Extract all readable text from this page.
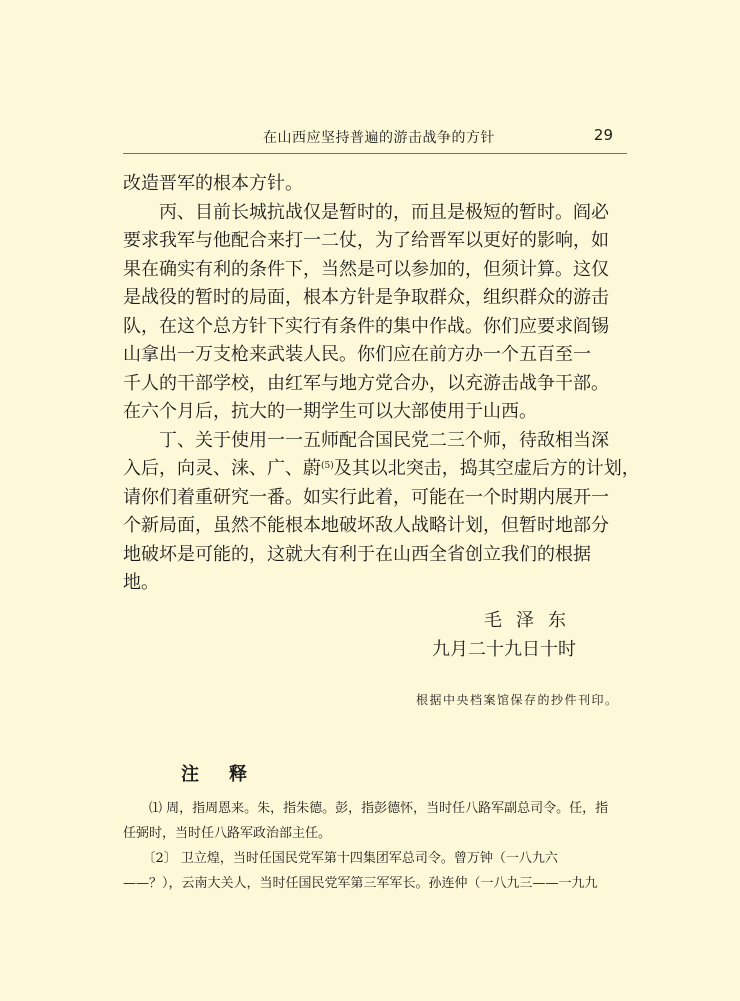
在山西应坚持普遍的游击战争的方针	29

改造晋军的根本方针。

　　丙、目前长城抗战仅是暂时的，而且是极短的暂时。阎必

要求我军与他配合来打一二仗，为了给晋军以更好的影响，如

果在确实有利的条件下，当然是可以参加的，但须计算。这仅

是战役的暂时的局面，根本方针是争取群众，组织群众的游击

队，在这个总方针下实行有条件的集中作战。你们应要求阎锡

山拿出一万支枪来武装人民。你们应在前方办一个五百至一

千人的干部学校，由红军与地方党合办，以充游击战争干部。

在六个月后，抗大的一期学生可以大部使用于山西。

　　丁、关于使用一一五师配合国民党二三个师，待敌相当深

入后，向灵、涞、广、蔚$^{(5)}$及其以北突击，捣其空虚后方的计划，

请你们着重研究一番。如实行此着，可能在一个时期内展开一

个新局面，虽然不能根本地破坏敌人战略计划，但暂时地部分

地破坏是可能的，这就大有利于在山西全省创立我们的根据

地。

毛泽东
九月二十九日十时
根据中央档案馆保存的抄件刊印。
注释

　　⑴ 周，指周恩来。朱，指朱德。彭，指彭德怀，当时任八路军副总司令。任，指

任弼时，当时任八路军政治部主任。

　　〔2〕 卫立煌，当时任国民党军第十四集团军总司令。曾万钟（一八九六

——？），云南大关人，当时任国民党军第三军军长。孙连仲（一八九三——一九九
